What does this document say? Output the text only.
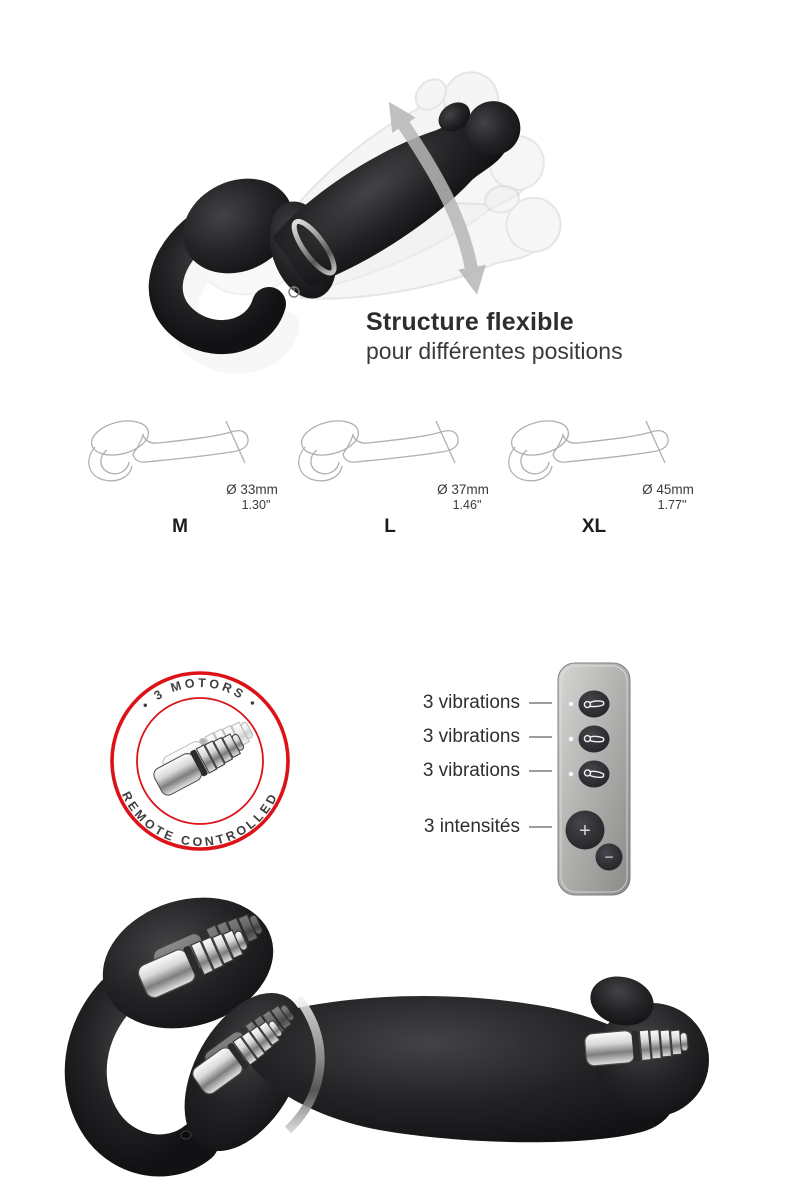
Structure flexible
pour différentes positions
Ø 33mm
1.30"
M
Ø 37mm
1.46"
L
Ø 45mm
1.77"
XL
• 3 MOTORS •
REMOTE CONTROLLED
3 vibrations
3 vibrations
3 vibrations
3 intensités	+
−
